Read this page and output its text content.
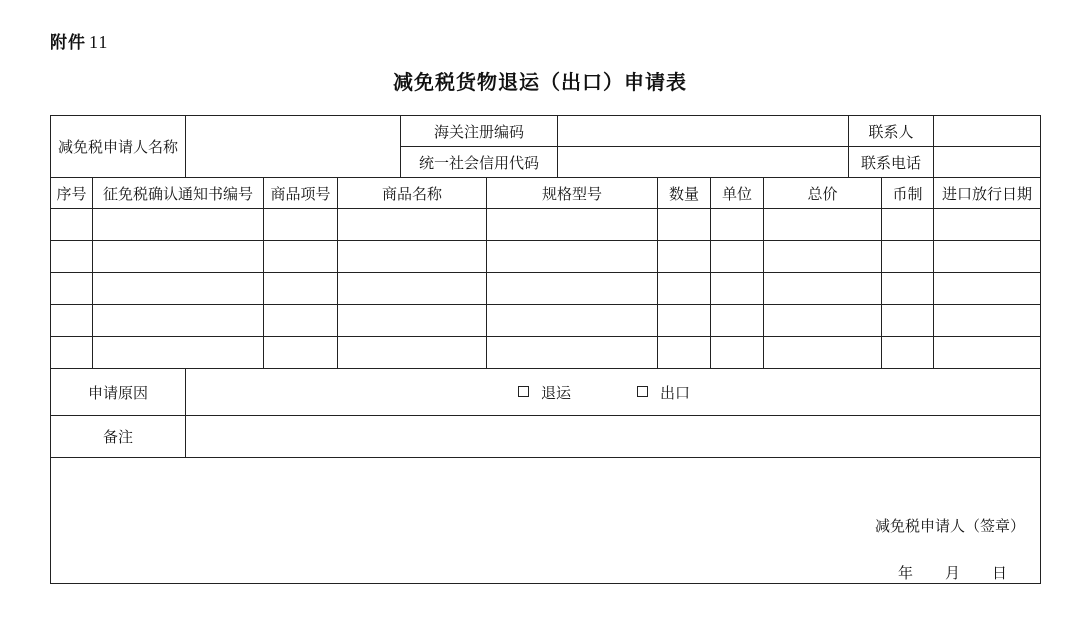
附件 11
减免税货物退运（出口）申请表
减免税申请人名称					海关注册编码						联系人		
					统一社会信用代码						联系电话		
序号	征免税确认通知书编号		商品项号	商品名称		规格型号		数量	单位	总价		币制	进口放行日期

申请原因		退运 出口											
备注													

减免税申请人（签章）
年 月 日													
